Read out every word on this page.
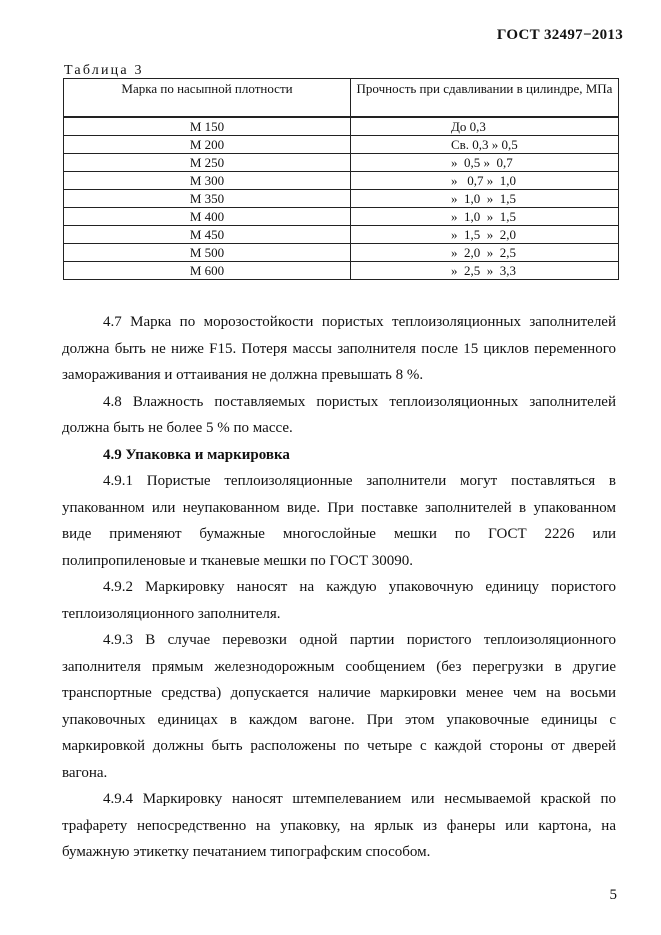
ГОСТ 32497−2013
Таблица 3
Марка по насыпной плотности	Прочность при сдавливании в цилиндре, МПа
М 150	До 0,3
М 200	Св. 0,3 » 0,5
М 250	»  0,5 »  0,7
М 300	»   0,7 »  1,0
М 350	»  1,0  »  1,5
М 400	»  1,0  »  1,5
М 450	»  1,5  »  2,0
М 500	»  2,0  »  2,5
М 600	»  2,5  »  3,3

4.7 Марка по морозостойкости пористых теплоизоляционных заполнителей должна быть не ниже F15. Потеря массы заполнителя после 15 циклов переменного замораживания и оттаивания не должна превышать 8 %.

4.8 Влажность поставляемых пористых теплоизоляционных заполнителей должна быть не более 5 % по массе.

4.9 Упаковка и маркировка

4.9.1 Пористые теплоизоляционные заполнители могут поставляться в упакованном или неупакованном виде. При поставке заполнителей в упакованном виде применяют бумажные многослойные мешки по ГОСТ 2226 или полипропиленовые и тканевые мешки по ГОСТ 30090.

4.9.2 Маркировку наносят на каждую упаковочную единицу пористого теплоизоляционного заполнителя.

4.9.3 В случае перевозки одной партии пористого теплоизоляционного заполнителя прямым железнодорожным сообщением (без перегрузки в другие транспортные средства) допускается наличие маркировки менее чем на восьми упаковочных единицах в каждом вагоне. При этом упаковочные единицы с маркировкой должны быть расположены по четыре с каждой стороны от дверей вагона.

4.9.4 Маркировку наносят штемпелеванием или несмываемой краской по трафарету непосредственно на упаковку, на ярлык из фанеры или картона, на бумажную этикетку печатанием типографским способом.

5
